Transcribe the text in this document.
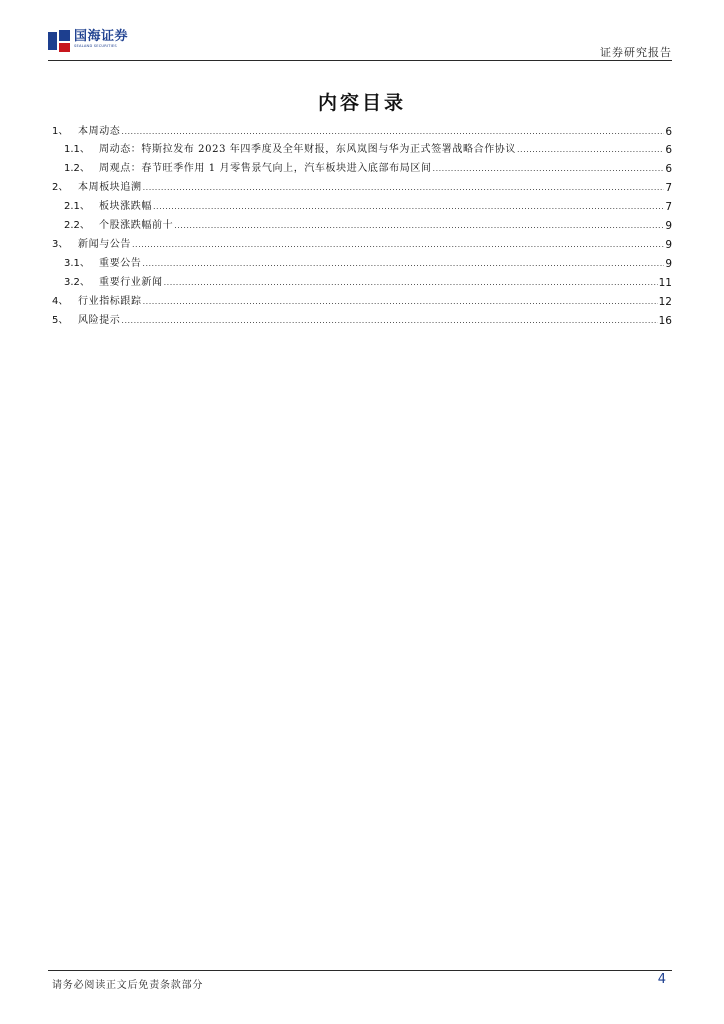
国海证券
SEALAND SECURITIES	证券研究报告
内容目录
1、 本周动态 .....	6
1.1、 周动态：特斯拉发布 2023 年四季度及全年财报，东风岚图与华为正式签署战略合作协议 .....	6
1.2、 周观点：春节旺季作用 1 月零售景气向上，汽车板块进入底部布局区间 .....	6
2、 本周板块追溯 .....	7
2.1、 板块涨跌幅 .....	7
2.2、 个股涨跌幅前十 .....	9
3、 新闻与公告 .....	9
3.1、 重要公告 .....	9
3.2、 重要行业新闻 .....	11
4、 行业指标跟踪 .....	12
5、 风险提示 .....	16
请务必阅读正文后免责条款部分	4
